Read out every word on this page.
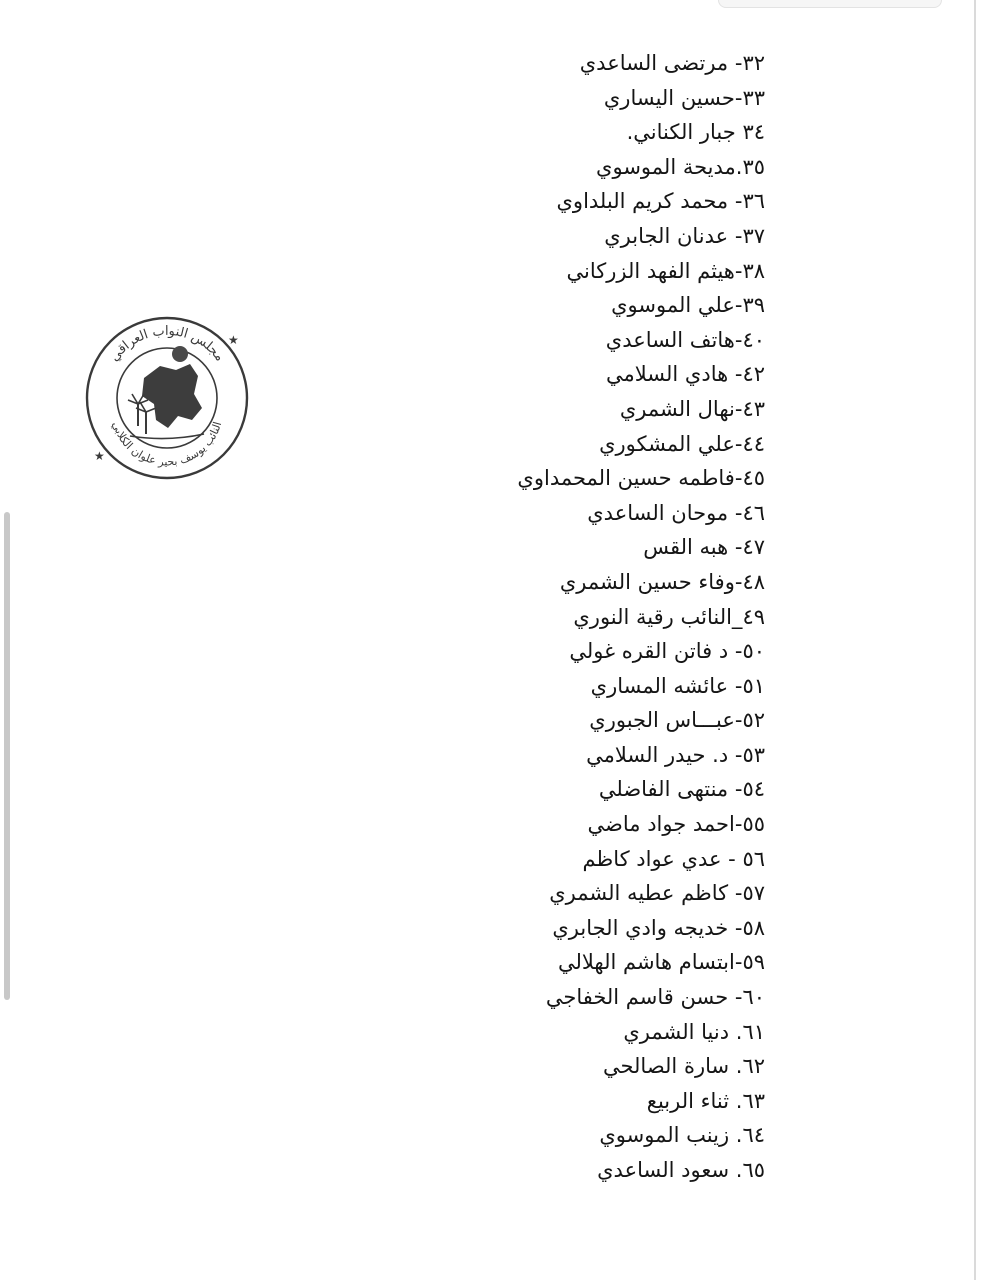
٣٢- مرتضى الساعدي
٣٣-حسين اليساري
٣٤ جبار الكناني.
٣٥.مديحة الموسوي
٣٦- محمد كريم البلداوي
٣٧- عدنان الجابري
٣٨-هيثم الفهد الزركاني
٣٩-علي الموسوي
٤٠-هاتف الساعدي
٤٢- هادي السلامي
٤٣-نهال الشمري
٤٤-علي المشكوري
٤٥-فاطمه حسين المحمداوي
٤٦- موحان الساعدي
٤٧- هبه القس
٤٨-وفاء حسين الشمري
٤٩_النائب رقية النوري
٥٠- د فاتن القره غولي
٥١- عائشه المساري
٥٢-عبـــاس الجبوري
٥٣- د. حيدر السلامي
٥٤- منتهى الفاضلي
٥٥-احمد جواد ماضي
٥٦ - عدي عواد كاظم
٥٧- كاظم عطيه الشمري
٥٨- خديجه وادي الجابري
٥٩-ابتسام هاشم الهلالي
٦٠- حسن قاسم الخفاجي
٦١. دنيا الشمري
٦٢. سارة الصالحي
٦٣. ثناء الربيع
٦٤. زينب الموسوي
٦٥. سعود الساعدي
مجلس النواب العراقي
النائب يوسف بحير علوان الكلابي
★
★
